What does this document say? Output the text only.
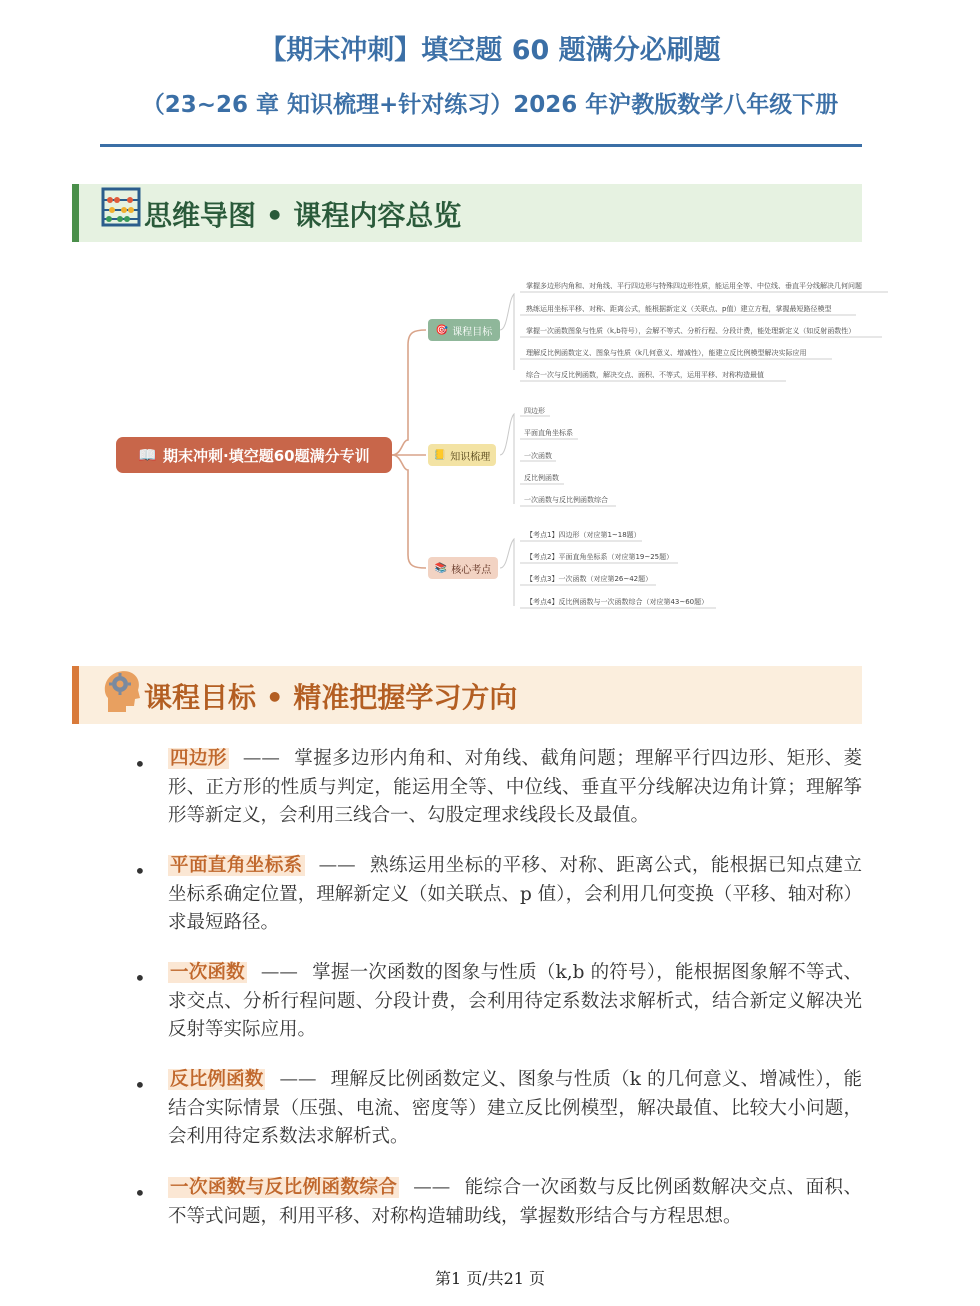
【期末冲刺】填空题 60 题满分必刷题
（23~26 章 知识梳理+针对练习）2026 年沪教版数学八年级下册
思维导图 • 课程内容总览
📖 期末冲刺·填空题60题满分专训
🎯 课程目标
📒 知识梳理
📚 核心考点
掌握多边形内角和、对角线、平行四边形与特殊四边形性质，能运用全等、中位线、垂直平分线解决几何问题
熟练运用坐标平移、对称、距离公式，能根据新定义（关联点、p值）建立方程，掌握最短路径模型
掌握一次函数图象与性质（k,b符号），会解不等式、分析行程、分段计费，能处理新定义（如反射函数性）
理解反比例函数定义、图象与性质（k几何意义、增减性），能建立反比例模型解决实际应用
综合一次与反比例函数，解决交点、面积、不等式，运用平移、对称构造最值
四边形
平面直角坐标系
一次函数
反比例函数
一次函数与反比例函数综合
【考点1】四边形（对应第1~18题）
【考点2】平面直角坐标系（对应第19~25题）
【考点3】一次函数（对应第26~42题）
【考点4】反比例函数与一次函数综合（对应第43~60题）
课程目标 • 精准把握学习方向
• 四边形 —— 掌握多边形内角和、对角线、截角问题；理解平行四边形、矩形、菱形、正方形的性质与判定，能运用全等、中位线、垂直平分线解决边角计算；理解筝形等新定义，会利用三线合一、勾股定理求线段长及最值。
• 平面直角坐标系 —— 熟练运用坐标的平移、对称、距离公式，能根据已知点建立坐标系确定位置，理解新定义（如关联点、p 值），会利用几何变换（平移、轴对称）求最短路径。
• 一次函数 —— 掌握一次函数的图象与性质（k,b 的符号），能根据图象解不等式、求交点、分析行程问题、分段计费，会利用待定系数法求解析式，结合新定义解决光反射等实际应用。
• 反比例函数 —— 理解反比例函数定义、图象与性质（k 的几何意义、增减性），能结合实际情景（压强、电流、密度等）建立反比例模型，解决最值、比较大小问题，会利用待定系数法求解析式。
• 一次函数与反比例函数综合 —— 能综合一次函数与反比例函数解决交点、面积、不等式问题，利用平移、对称构造辅助线，掌握数形结合与方程思想。
第1 页/共21 页
